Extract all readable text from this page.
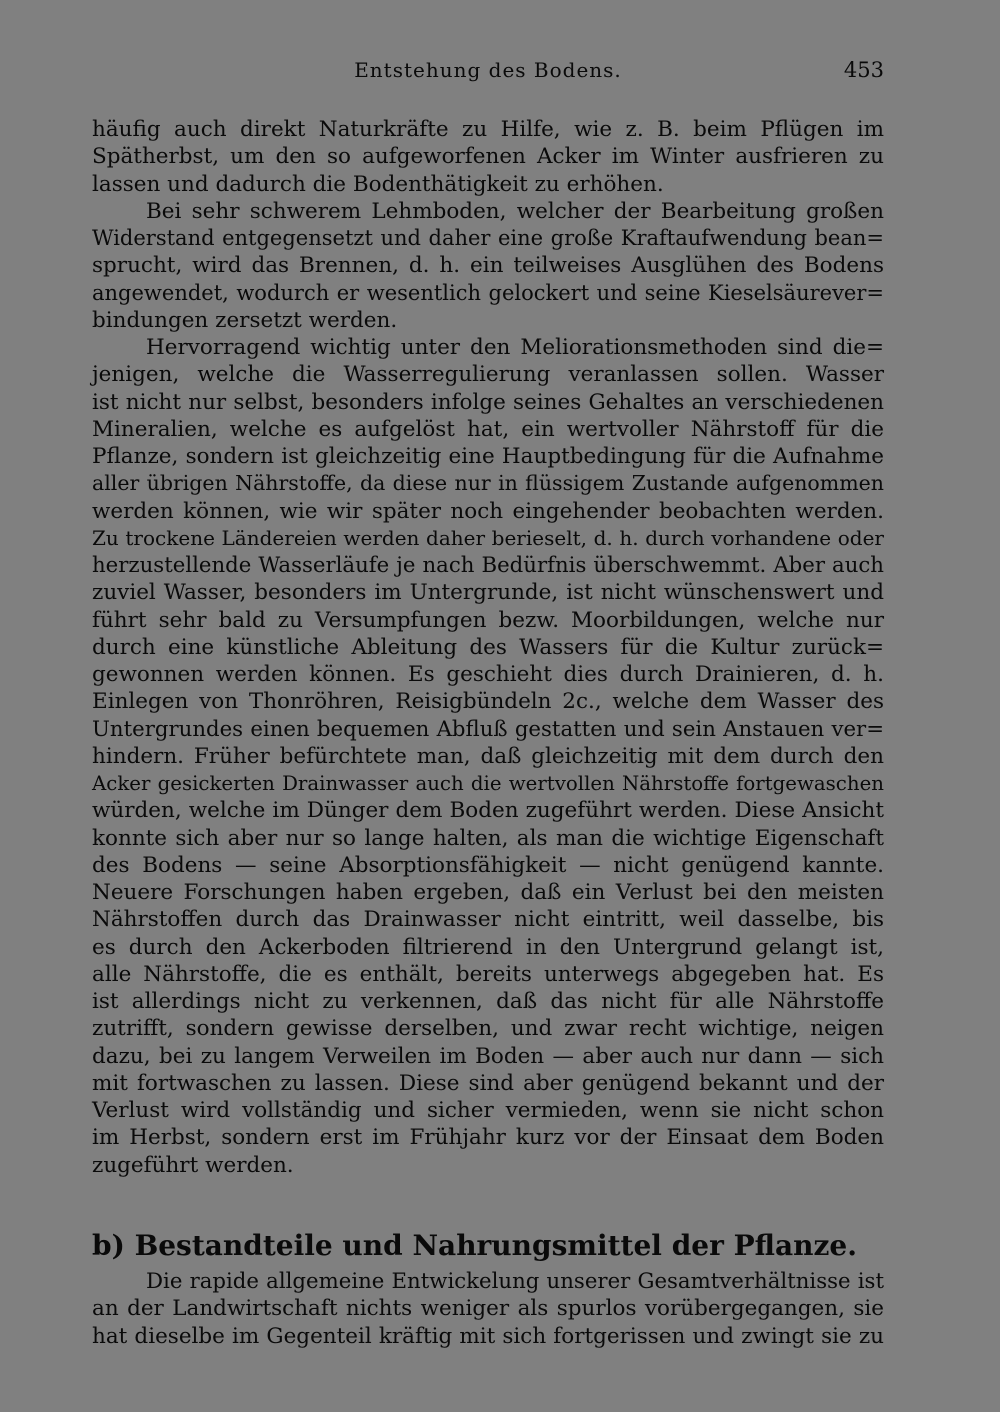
Entstehung des Bodens.	453
häufig auch direkt Naturkräfte zu Hilfe, wie z. B. beim Pflügen im
Spätherbst, um den so aufgeworfenen Acker im Winter ausfrieren zu
lassen und dadurch die Bodenthätigkeit zu erhöhen.
Bei sehr schwerem Lehmboden, welcher der Bearbeitung großen
Widerstand entgegensetzt und daher eine große Kraftaufwendung bean=
sprucht, wird das Brennen, d. h. ein teilweises Ausglühen des Bodens
angewendet, wodurch er wesentlich gelockert und seine Kieselsäurever=
bindungen zersetzt werden.
Hervorragend wichtig unter den Meliorationsmethoden sind die=
jenigen, welche die Wasserregulierung veranlassen sollen. Wasser
ist nicht nur selbst, besonders infolge seines Gehaltes an verschiedenen
Mineralien, welche es aufgelöst hat, ein wertvoller Nährstoff für die
Pflanze, sondern ist gleichzeitig eine Hauptbedingung für die Aufnahme
aller übrigen Nährstoffe, da diese nur in flüssigem Zustande aufgenommen
werden können, wie wir später noch eingehender beobachten werden.
Zu trockene Ländereien werden daher berieselt, d. h. durch vorhandene oder
herzustellende Wasserläufe je nach Bedürfnis überschwemmt. Aber auch
zuviel Wasser, besonders im Untergrunde, ist nicht wünschenswert und
führt sehr bald zu Versumpfungen bezw. Moorbildungen, welche nur
durch eine künstliche Ableitung des Wassers für die Kultur zurück=
gewonnen werden können. Es geschieht dies durch Drainieren, d. h.
Einlegen von Thonröhren, Reisigbündeln 2c., welche dem Wasser des
Untergrundes einen bequemen Abfluß gestatten und sein Anstauen ver=
hindern. Früher befürchtete man, daß gleichzeitig mit dem durch den
Acker gesickerten Drainwasser auch die wertvollen Nährstoffe fortgewaschen
würden, welche im Dünger dem Boden zugeführt werden. Diese Ansicht
konnte sich aber nur so lange halten, als man die wichtige Eigenschaft
des Bodens — seine Absorptionsfähigkeit — nicht genügend kannte.
Neuere Forschungen haben ergeben, daß ein Verlust bei den meisten
Nährstoffen durch das Drainwasser nicht eintritt, weil dasselbe, bis
es durch den Ackerboden filtrierend in den Untergrund gelangt ist,
alle Nährstoffe, die es enthält, bereits unterwegs abgegeben hat. Es
ist allerdings nicht zu verkennen, daß das nicht für alle Nährstoffe
zutrifft, sondern gewisse derselben, und zwar recht wichtige, neigen
dazu, bei zu langem Verweilen im Boden — aber auch nur dann — sich
mit fortwaschen zu lassen. Diese sind aber genügend bekannt und der
Verlust wird vollständig und sicher vermieden, wenn sie nicht schon
im Herbst, sondern erst im Frühjahr kurz vor der Einsaat dem Boden
zugeführt werden.
b) Bestandteile und Nahrungsmittel der Pflanze.
Die rapide allgemeine Entwickelung unserer Gesamtverhältnisse ist
an der Landwirtschaft nichts weniger als spurlos vorübergegangen, sie
hat dieselbe im Gegenteil kräftig mit sich fortgerissen und zwingt sie zu
